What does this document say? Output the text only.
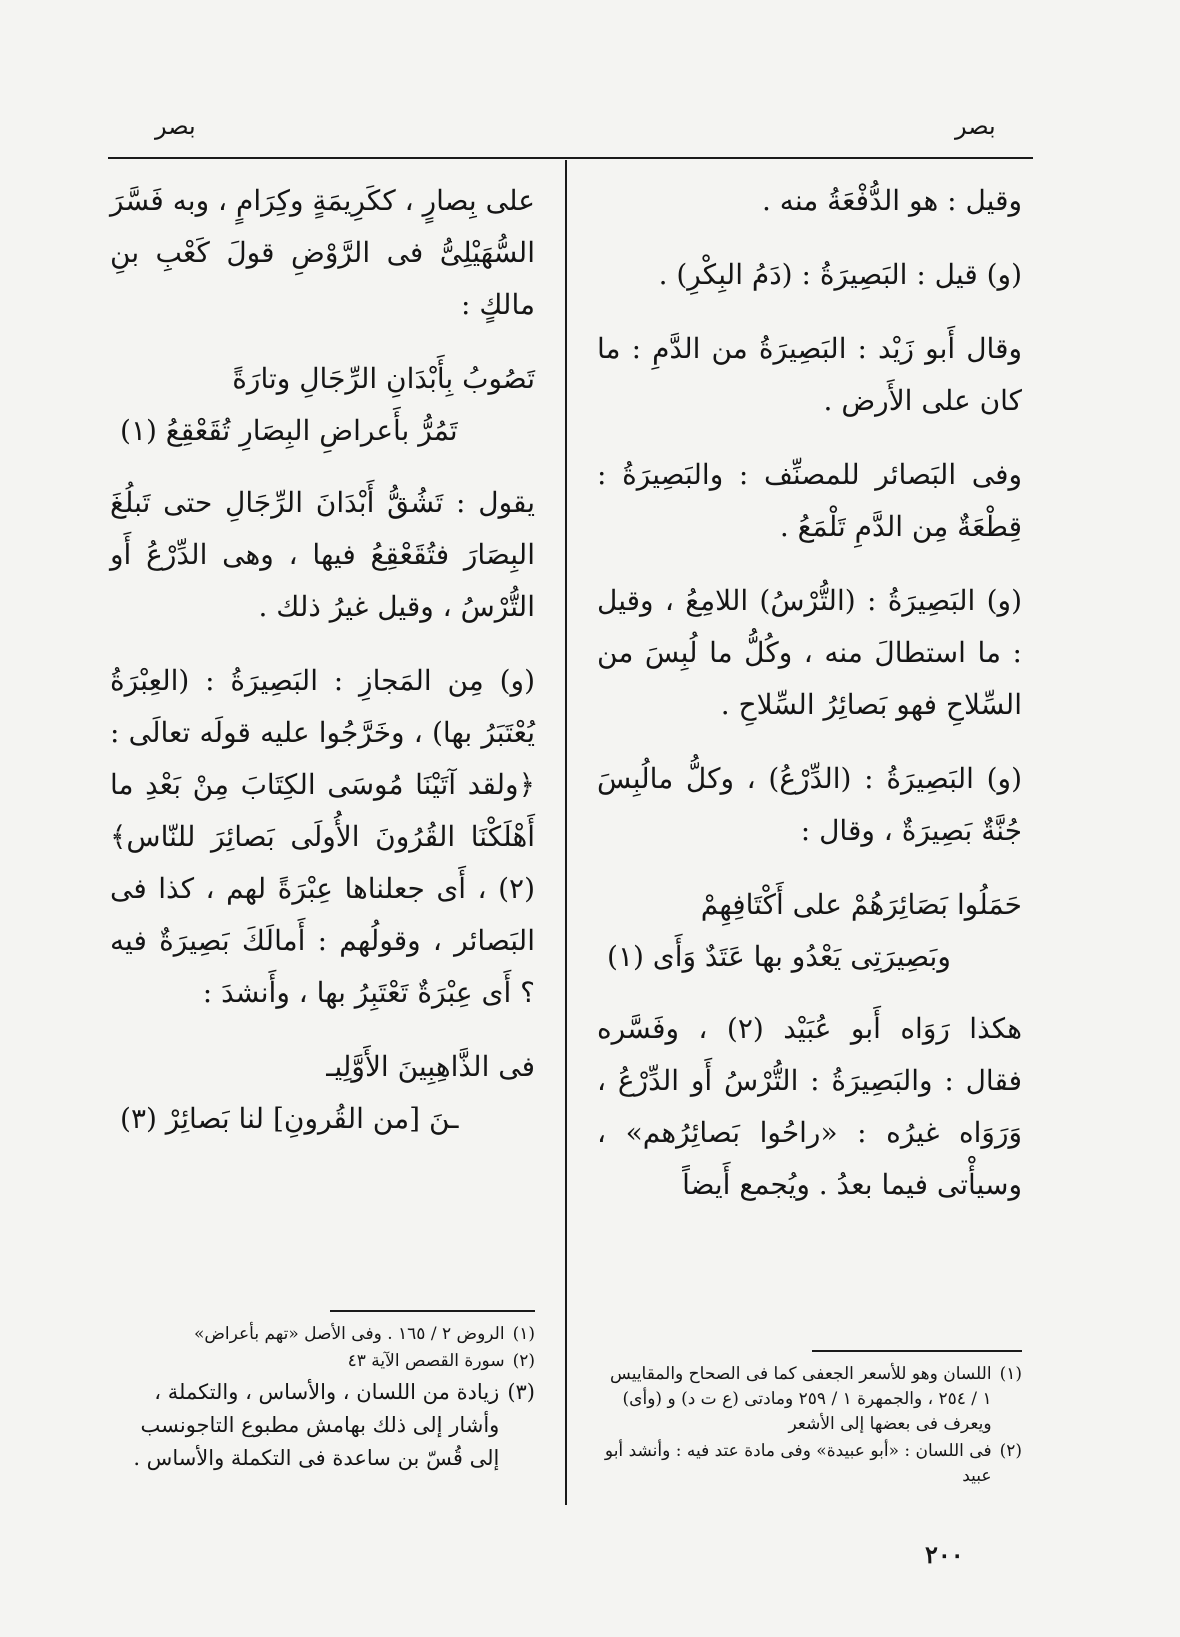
بصر
بصر

وقيل : هو الدُّفْعَةُ منه .

(و) قيل : البَصِيرَةُ : (دَمُ البِكْرِ) .

وقال أَبو زَيْد : البَصِيرَةُ من الدَّمِ : ما كان على الأَرض .

وفى البَصائر للمصنِّف : والبَصِيرَةُ : قِطْعَةٌ مِن الدَّمِ تَلْمَعُ .

(و) البَصِيرَةُ : (التُّرْسُ) اللامِعُ ، وقيل : ما استطالَ منه ، وكُلُّ ما لُبِسَ من السِّلاحِ فهو بَصائِرُ السِّلاحِ .

(و) البَصِيرَةُ : (الدِّرْعُ) ، وكلُّ مالُبِسَ جُنَّةٌ بَصِيرَةٌ ، وقال :

حَمَلُوا بَصَائِرَهُمْ على أَكْتَافِهِمْ
وبَصِيرَتِى يَعْدُو بها عَتَدٌ وَأَى (١)

هكذا رَوَاه أَبو عُبَيْد (٢) ، وفَسَّره فقال : والبَصِيرَةُ : التُّرْسُ أَو الدِّرْعُ ، وَرَوَاه غيرُه : «راحُوا بَصائِرُهم» ، وسيأْتى فيما بعدُ . ويُجمع أَيضاً

على بِصارٍ ، ككَرِيمَةٍ وكِرَامٍ ، وبه فَسَّرَ السُّهَيْلِىُّ فى الرَّوْضِ قولَ كَعْبِ بنِ مالكٍ :

تَصُوبُ بِأَبْدَانِ الرِّجَالِ وتارَةً
تَمُرُّ بأَعراضِ البِصَارِ تُقَعْقِعُ (١)

يقول : تَشُقُّ أَبْدَانَ الرِّجَالِ حتى تَبلُغَ البِصَارَ فتُقَعْقِعُ فيها ، وهى الدِّرْعُ أَو التُّرْسُ ، وقيل غيرُ ذلك .

(و) مِن المَجازِ : البَصِيرَةُ : (العِبْرَةُ يُعْتَبَرُ بها) ، وخَرَّجُوا عليه قولَه تعالَى : ﴿ولقد آتَيْنَا مُوسَى الكِتَابَ مِنْ بَعْدِ ما أَهْلَكْنَا القُرُونَ الأُولَى بَصائِرَ للنّاس﴾ (٢) ، أَى جعلناها عِبْرَةً لهم ، كذا فى البَصائر ، وقولُهم : أَمالَكَ بَصِيرَةٌ فيه ؟ أَى عِبْرَةٌ تَعْتَبِرُ بها ، وأَنشدَ :

فى الذَّاهِبِينَ الأَوَّلِيـ
ـنَ [من القُرونِ] لنا بَصائِرْ (٣)
(١)
اللسان وهو للأسعر الجعفى كما فى الصحاح والمقاييس ١ / ٢٥٤ ، والجمهرة ١ / ٢٥٩ ومادتى (ع ت د) و (وأى) ويعرف فى بعضها إلى الأشعر
(٢)
فى اللسان : «أبو عبيدة» وفى مادة عتد فيه : وأنشد أبو عبيد
(١)
الروض ٢ / ١٦٥ . وفى الأصل «تهم بأعراض»
(٢)
سورة القصص الآية ٤٣
(٣)
زيادة من اللسان ، والأساس ، والتكملة ، وأشار إلى ذلك بهامش مطبوع التاجونسب إلى قُسّ بن ساعدة فى التكملة والأساس .
٢٠٠
